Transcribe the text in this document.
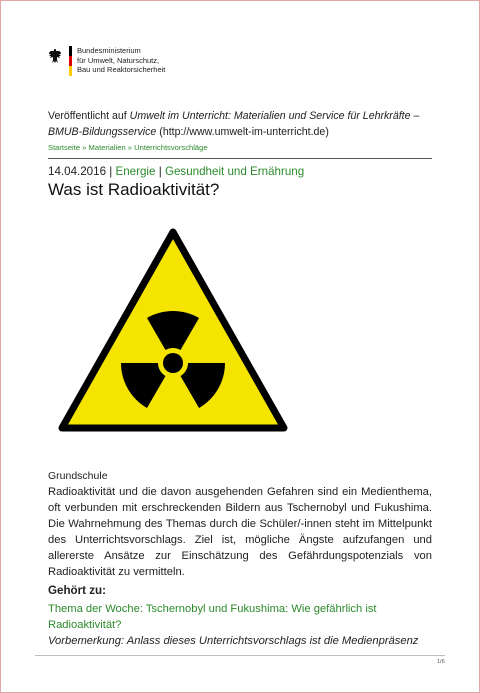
Bundesministerium
für Umwelt, Naturschutz,
Bau und Reaktorsicherheit
Veröffentlicht auf Umwelt im Unterricht: Materialien und Service für Lehrkräfte – BMUB-Bildungsservice (http://www.umwelt-im-unterricht.de)
Startseite » Materialien » Unterrichtsvorschläge
14.04.2016 | Energie | Gesundheit und Ernährung
Was ist Radioaktivität?
Grundschule
Radioaktivität und die davon ausgehenden Gefahren sind ein Medienthema, oft verbunden mit erschreckenden Bildern aus Tschernobyl und Fukushima. Die Wahrnehmung des Themas durch die Schüler/-innen steht im Mittelpunkt des Unterrichtsvorschlags. Ziel ist, mögliche Ängste aufzufangen und allererste Ansätze zur Einschätzung des Gefährdungspotenzials von Radioaktivität zu vermitteln.
Gehört zu:
Thema der Woche: Tschernobyl und Fukushima: Wie gefährlich ist Radioaktivität?
Vorbemerkung: Anlass dieses Unterrichtsvorschlags ist die Medienpräsenz
1/6
